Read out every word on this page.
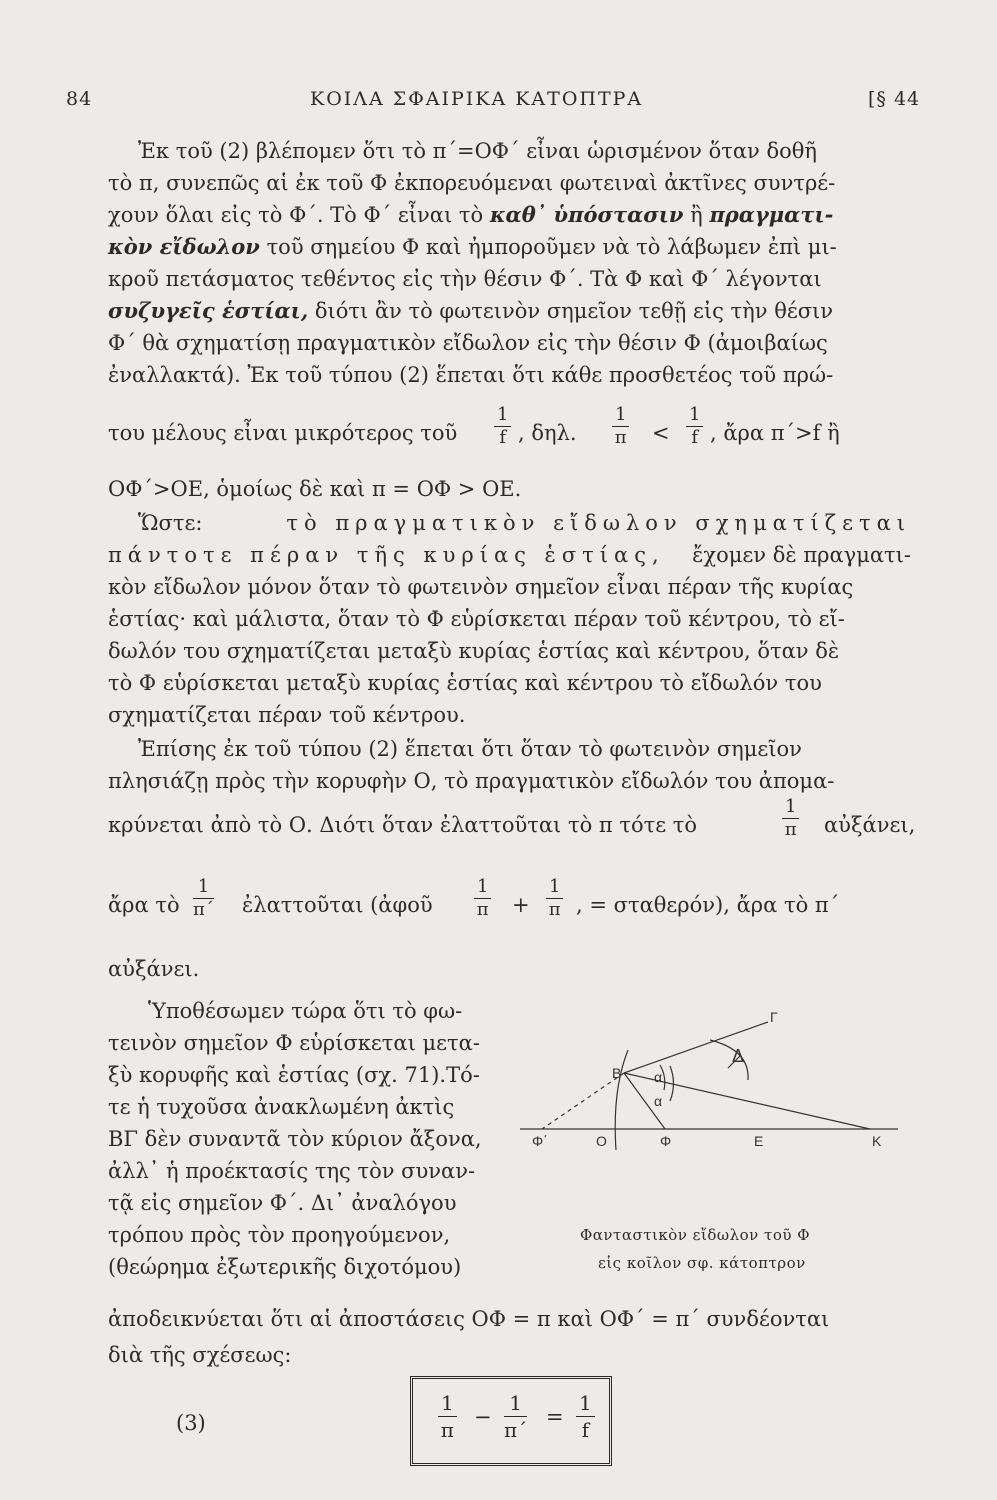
84	ΚΟΙΛΑ ΣΦΑΙΡΙΚΑ ΚΑΤΟΠΤΡΑ	[§ 44
Ἐκ τοῦ (2) βλέπομεν ὅτι τὸ π΄=ΟΦ΄ εἶναι ὡρισμένον ὅταν δοθῆ
τὸ π, συνεπῶς αἱ ἐκ τοῦ Φ ἐκπορευόμεναι φωτειναὶ ἀκτῖνες συντρέ-
χουν ὅλαι εἰς τὸ Φ΄. Τὸ Φ΄ εἶναι τὸ καθ᾽ ὑπόστασιν ἢ πραγματι-
κὸν εἴδωλον τοῦ σημείου Φ καὶ ἠμποροῦμεν νὰ τὸ λάβωμεν ἐπὶ μι-
κροῦ πετάσματος τεθέντος εἰς τὴν θέσιν Φ΄. Τὰ Φ καὶ Φ΄ λέγονται
συζυγεῖς ἑστίαι, διότι ἂν τὸ φωτεινὸν σημεῖον τεθῇ εἰς τὴν θέσιν
Φ΄ θὰ σχηματίσῃ πραγματικὸν εἴδωλον εἰς τὴν θέσιν Φ (ἀμοιβαίως
ἐναλλακτά). Ἐκ τοῦ τύπου (2) ἕπεται ὅτι κάθε προσθετέος τοῦ πρώ-
του μέλους εἶναι μικρότερος τοῦ $\frac{1}{f}$ , δηλ. $\frac{1}{\pi} < \frac{1}{f}$ , ἄρα π΄>f ἢ
ΟΦ΄>ΟΕ, ὁμοίως δὲ καὶ π = ΟΦ > ΟΕ.
Ὥστε:	τὸ πραγματικὸν εἴδωλον σχηματίζεται
πάντοτε πέραν τῆς κυρίας ἑστίας, ἔχομεν δὲ πραγματι-
κὸν εἴδωλον μόνον ὅταν τὸ φωτεινὸν σημεῖον εἶναι πέραν τῆς κυρίας
ἑστίας· καὶ μάλιστα, ὅταν τὸ Φ εὑρίσκεται πέραν τοῦ κέντρου, τὸ εἴ-
δωλόν του σχηματίζεται μεταξὺ κυρίας ἑστίας καὶ κέντρου, ὅταν δὲ
τὸ Φ εὑρίσκεται μεταξὺ κυρίας ἑστίας καὶ κέντρου τὸ εἴδωλόν του
σχηματίζεται πέραν τοῦ κέντρου.
Ἐπίσης ἐκ τοῦ τύπου (2) ἕπεται ὅτι ὅταν τὸ φωτεινὸν σημεῖον
πλησιάζῃ πρὸς τὴν κορυφὴν Ο, τὸ πραγματικὸν εἴδωλόν του ἀπομα-
κρύνεται ἀπὸ τὸ Ο. Διότι ὅταν ἐλαττοῦται τὸ π τότε τὸ	$\frac{1}{\pi}$ αὐξάνει,
ἄρα τὸ $\frac{1}{\pi΄}$ ἐλαττοῦται (ἀφοῦ $\frac{1}{\pi} + \frac{1}{\pi}$ , = σταθερόν), ἄρα τὸ π΄
αὐξάνει.
Ὑποθέσωμεν τώρα ὅτι τὸ φω-
τεινὸν σημεῖον Φ εὑρίσκεται μετα-
ξὺ κορυφῆς καὶ ἑστίας (σχ. 71).Τό-
τε ἡ τυχοῦσα ἀνακλωμένη ἀκτὶς
ΒΓ δὲν συναντᾶ τὸν κύριον ἄξονα,
ἀλλ᾽ ἡ προέκτασίς της τὸν συναν-
τᾷ εἰς σημεῖον Φ΄. Δι᾽ ἀναλόγου
τρόπου πρὸς τὸν προηγούμενον,
(θεώρημα ἐξωτερικῆς διχοτόμου)
Γ
Β α
α
Φ΄	Ο	Φ	Ε	Κ
Δ
Φανταστικὸν εἴδωλον τοῦ Φ
εἰς κοῖλον σφ. κάτοπτρον
ἀποδεικνύεται ὅτι αἱ ἀποστάσεις ΟΦ = π καὶ ΟΦ΄ = π΄ συνδέονται
διὰ τῆς σχέσεως:
(3)	$\frac{1}{\pi} - \frac{1}{\pi΄} = \frac{1}{f}$
